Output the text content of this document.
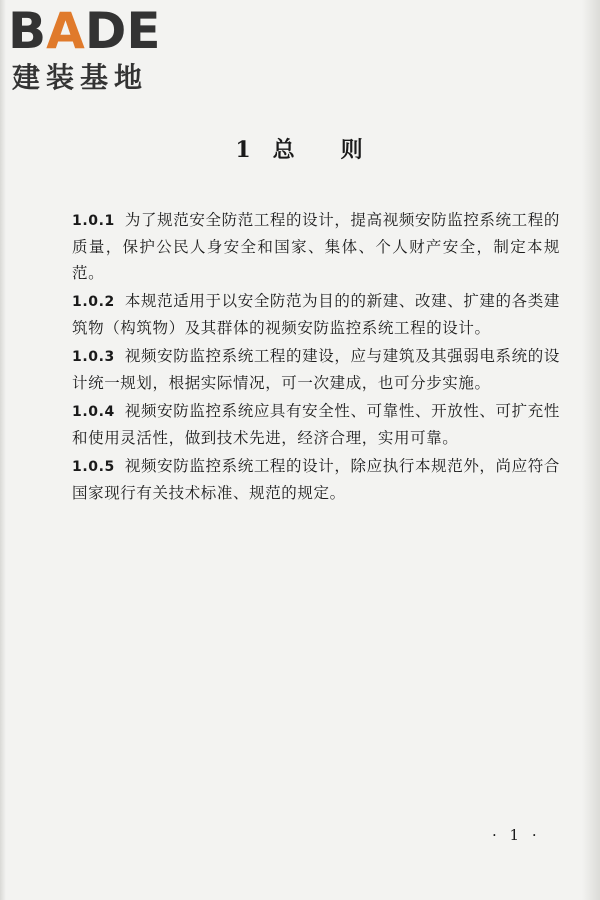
BADE
建装基地
1 总 则

1.0.1 为了规范安全防范工程的设计，提高视频安防监控系统工程的质量，保护公民人身安全和国家、集体、个人财产安全，制定本规范。

1.0.2 本规范适用于以安全防范为目的的新建、改建、扩建的各类建筑物（构筑物）及其群体的视频安防监控系统工程的设计。

1.0.3 视频安防监控系统工程的建设，应与建筑及其强弱电系统的设计统一规划，根据实际情况，可一次建成，也可分步实施。

1.0.4 视频安防监控系统应具有安全性、可靠性、开放性、可扩充性和使用灵活性，做到技术先进，经济合理，实用可靠。

1.0.5 视频安防监控系统工程的设计，除应执行本规范外，尚应符合国家现行有关技术标准、规范的规定。

· 1 ·
